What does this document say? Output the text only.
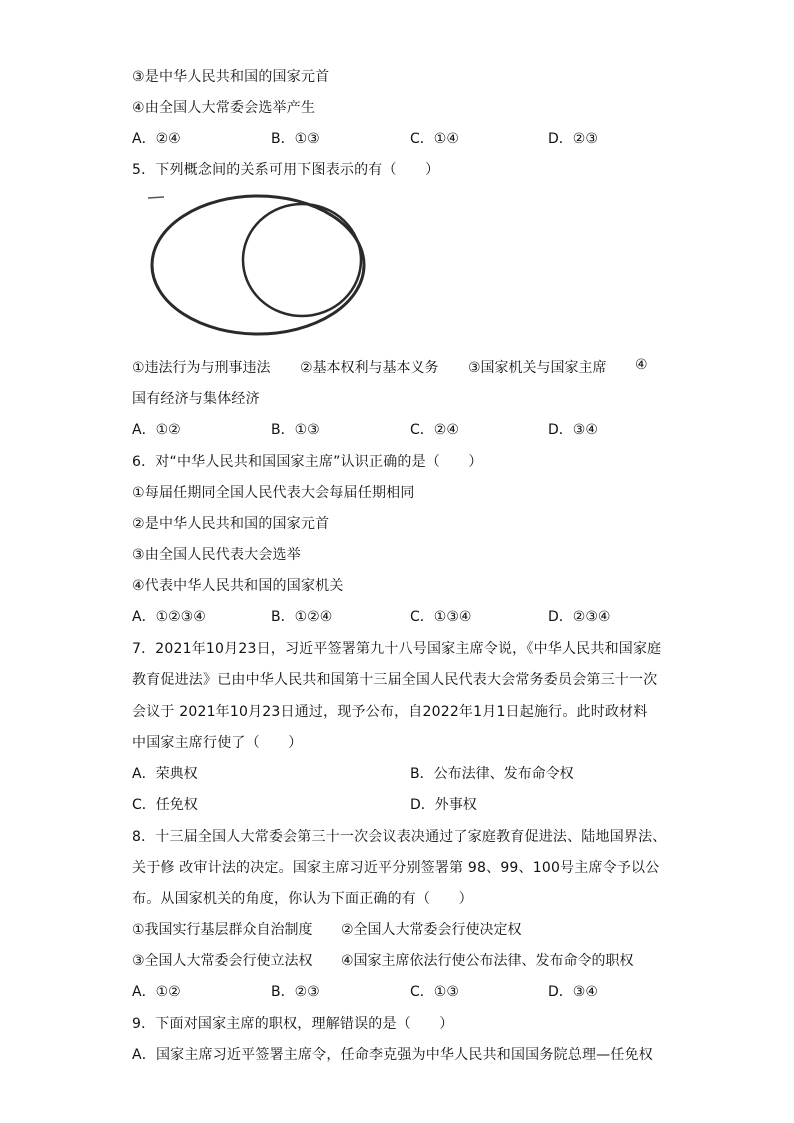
③是中华人民共和国的国家元首
④由全国人大常委会选举产生
A．②④	B．①③	C．①④	D．②③
5．下列概念间的关系可用下图表示的有（　　）
①违法行为与刑事违法 ②基本权利与基本义务 ③国家机关与国家主席 ④
国有经济与集体经济
A．①②	B．①③	C．②④	D．③④
6．对“中华人民共和国国家主席”认识正确的是（　　）
①每届任期同全国人民代表大会每届任期相同
②是中华人民共和国的国家元首
③由全国人民代表大会选举
④代表中华人民共和国的国家机关
A．①②③④	B．①②④	C．①③④	D．②③④
7．2021年10月23日，习近平签署第九十八号国家主席令说，《中华人民共和国家庭
教育促进法》已由中华人民共和国第十三届全国人民代表大会常务委员会第三十一次
会议于 2021年10月23日通过，现予公布，自2022年1月1日起施行。此时政材料
中国家主席行使了（　　）
A．荣典权	B．公布法律、发布命令权
C．任免权	D．外事权
8．十三届全国人大常委会第三十一次会议表决通过了家庭教育促进法、陆地国界法、
关于修 改审计法的决定。国家主席习近平分别签署第 98、99、100号主席令予以公
布。从国家机关的角度，你认为下面正确的有（　　）
①我国实行基层群众自治制度 ②全国人大常委会行使决定权
③全国人大常委会行使立法权 ④国家主席依法行使公布法律、发布命令的职权
A．①②	B．②③	C．①③	D．③④
9．下面对国家主席的职权，理解错误的是（　　）
A．国家主席习近平签署主席令，任命李克强为中华人民共和国国务院总理—任免权
